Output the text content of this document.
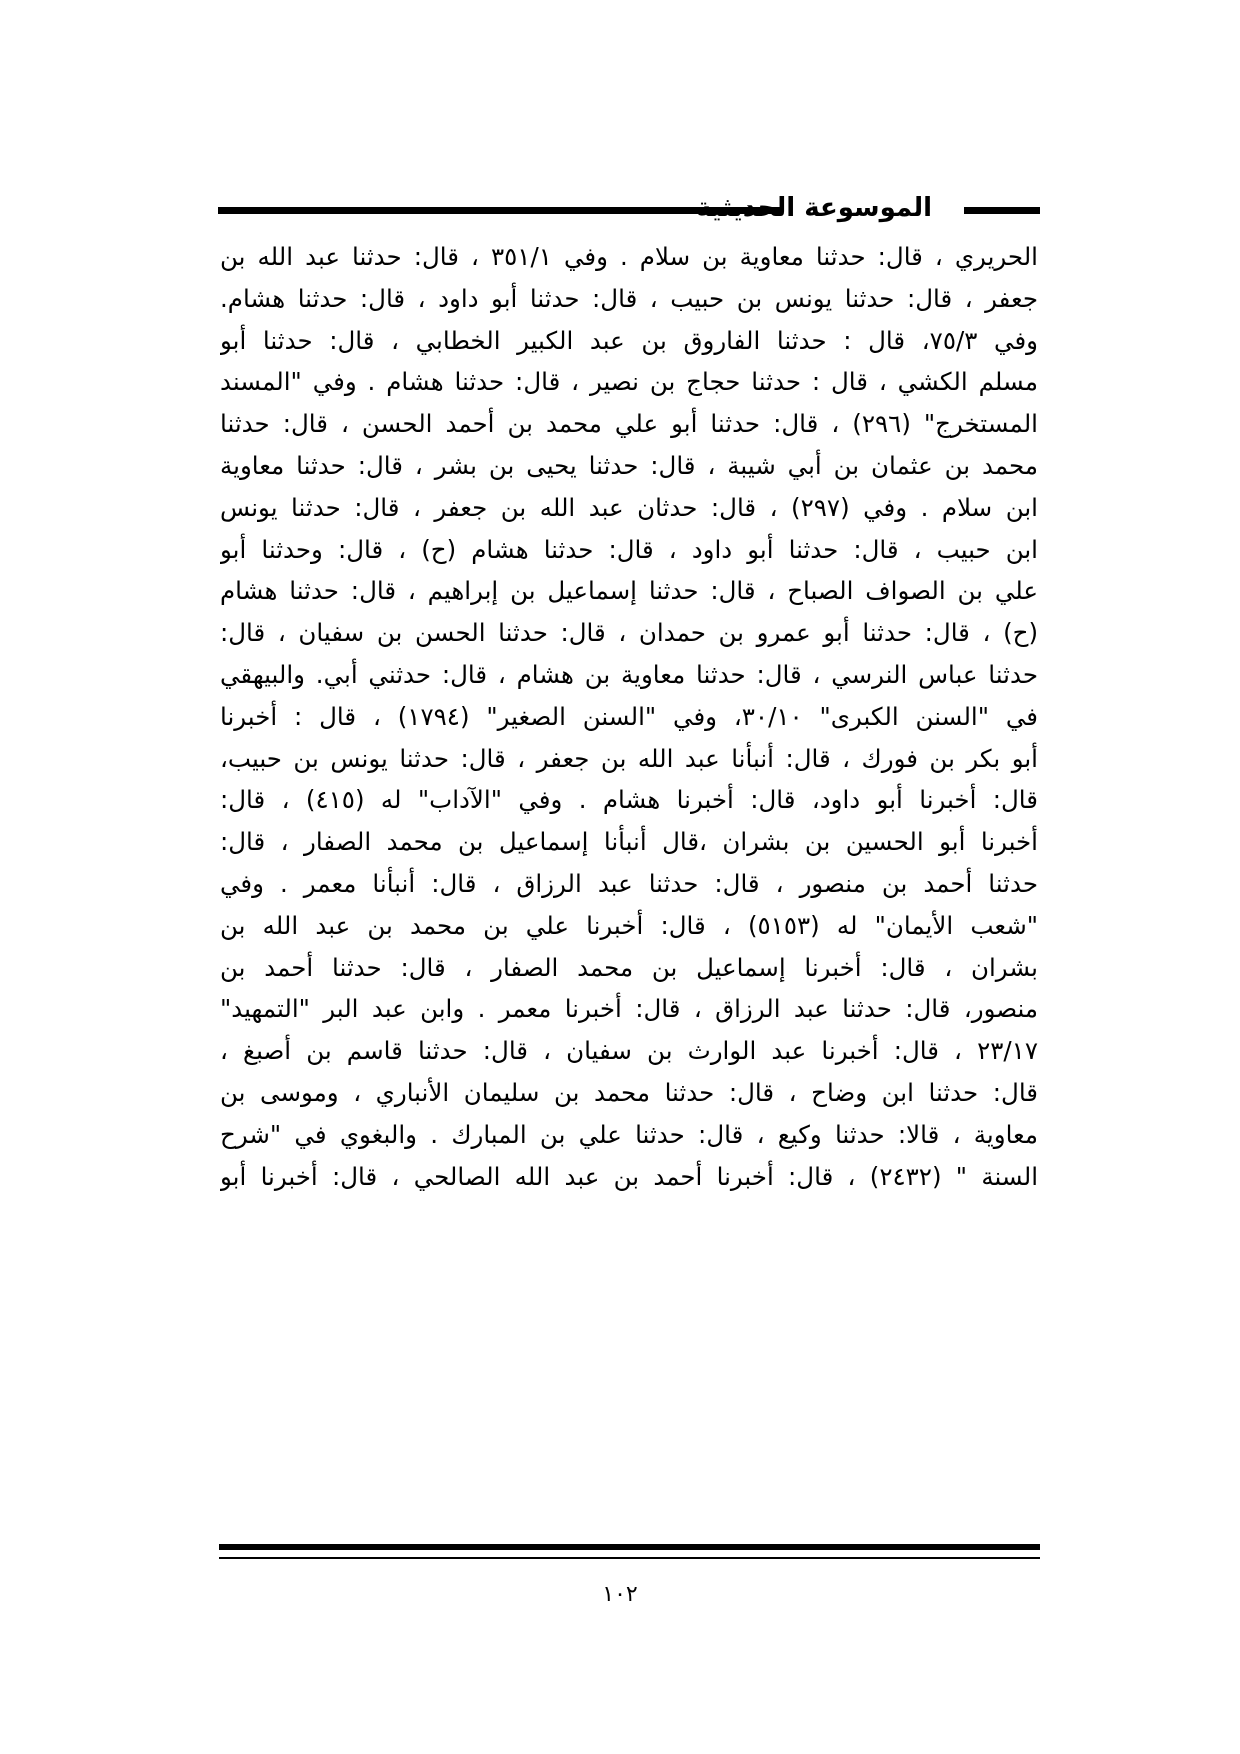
الموسوعة الحديثية
الحريري ، قال: حدثنا معاوية بن سلام . وفي ٣٥١/١ ، قال: حدثنا عبد الله بن
جعفر ، قال: حدثنا يونس بن حبيب ، قال: حدثنا أبو داود ، قال: حدثنا هشام.
وفي ٧٥/٣، قال : حدثنا الفاروق بن عبد الكبير الخطابي ، قال: حدثنا أبو
مسلم الكشي ، قال : حدثنا حجاج بن نصير ، قال: حدثنا هشام . وفي "المسند
المستخرج" (٢٩٦) ، قال: حدثنا أبو علي محمد بن أحمد الحسن ، قال: حدثنا
محمد بن عثمان بن أبي شيبة ، قال: حدثنا يحيى بن بشر ، قال: حدثنا معاوية
ابن سلام . وفي (٢٩٧) ، قال: حدثان عبد الله بن جعفر ، قال: حدثنا يونس
ابن حبيب ، قال: حدثنا أبو داود ، قال: حدثنا هشام (ح) ، قال: وحدثنا أبو
علي بن الصواف الصباح ، قال: حدثنا إسماعيل بن إبراهيم ، قال: حدثنا هشام
(ح) ، قال: حدثنا أبو عمرو بن حمدان ، قال: حدثنا الحسن بن سفيان ، قال:
حدثنا عباس النرسي ، قال: حدثنا معاوية بن هشام ، قال: حدثني أبي. والبيهقي
في "السنن الكبرى" ٣٠/١٠، وفي "السنن الصغير" (١٧٩٤) ، قال : أخبرنا
أبو بكر بن فورك ، قال: أنبأنا عبد الله بن جعفر ، قال: حدثنا يونس بن حبيب،
قال: أخبرنا أبو داود، قال: أخبرنا هشام . وفي "الآداب" له (٤١٥) ، قال:
أخبرنا أبو الحسين بن بشران ،قال أنبأنا إسماعيل بن محمد الصفار ، قال:
حدثنا أحمد بن منصور ، قال: حدثنا عبد الرزاق ، قال: أنبأنا معمر . وفي
"شعب الأيمان" له (٥١٥٣) ، قال: أخبرنا علي بن محمد بن عبد الله بن
بشران ، قال: أخبرنا إسماعيل بن محمد الصفار ، قال: حدثنا أحمد بن
منصور، قال: حدثنا عبد الرزاق ، قال: أخبرنا معمر . وابن عبد البر "التمهيد"
٢٣/١٧ ، قال: أخبرنا عبد الوارث بن سفيان ، قال: حدثنا قاسم بن أصبغ ،
قال: حدثنا ابن وضاح ، قال: حدثنا محمد بن سليمان الأنباري ، وموسى بن
معاوية ، قالا: حدثنا وكيع ، قال: حدثنا علي بن المبارك . والبغوي في "شرح
السنة " (٢٤٣٢) ، قال: أخبرنا أحمد بن عبد الله الصالحي ، قال: أخبرنا أبو
١٠٢
